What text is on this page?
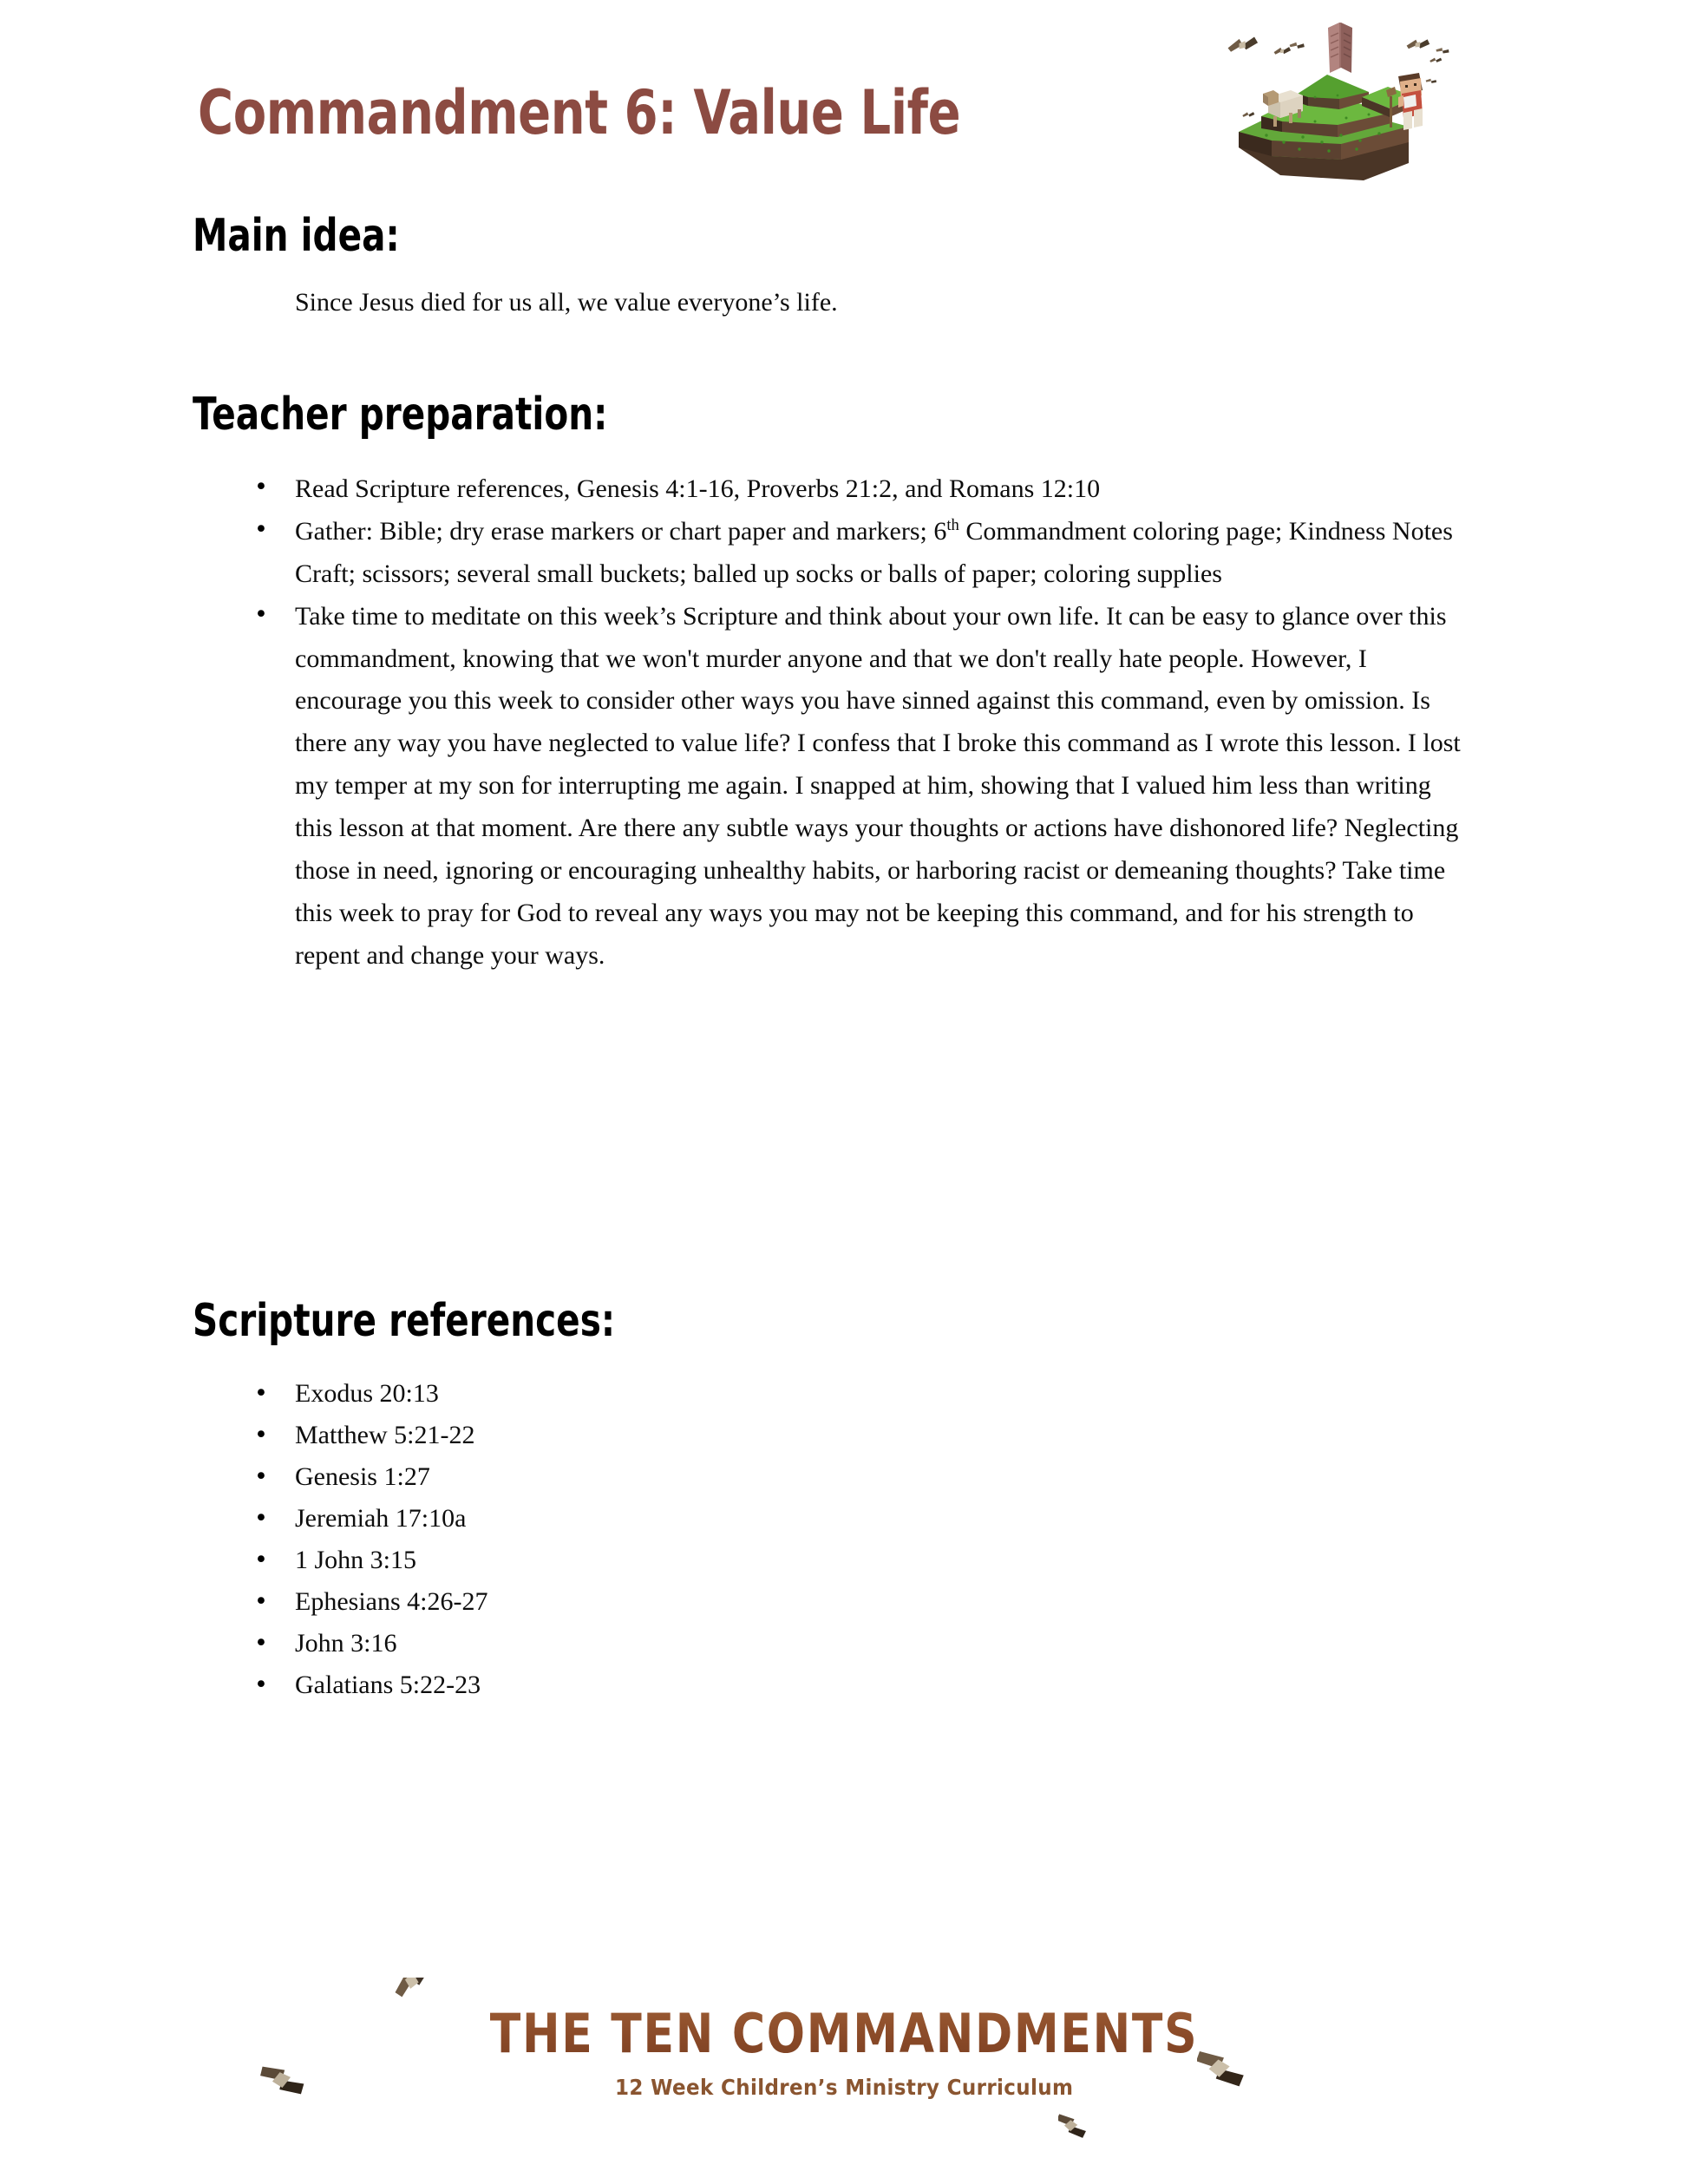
Commandment 6: Value Life
Main idea:
Since Jesus died for us all, we value everyone’s life.
Teacher preparation:
• Read Scripture references, Genesis 4:1-16, Proverbs 21:2, and Romans 12:10
• Gather: Bible; dry erase markers or chart paper and markers; 6th Commandment coloring page; Kindness Notes Craft; scissors; several small buckets; balled up socks or balls of paper; coloring supplies
• Take time to meditate on this week’s Scripture and think about your own life. It can be easy to glance over this commandment, knowing that we won't murder anyone and that we don't really hate people. However, I encourage you this week to consider other ways you have sinned against this command, even by omission. Is there any way you have neglected to value life? I confess that I broke this command as I wrote this lesson. I lost my temper at my son for interrupting me again. I snapped at him, showing that I valued him less than writing this lesson at that moment. Are there any subtle ways your thoughts or actions have dishonored life? Neglecting those in need, ignoring or encouraging unhealthy habits, or harboring racist or demeaning thoughts? Take time this week to pray for God to reveal any ways you may not be keeping this command, and for his strength to repent and change your ways.
Scripture references:
• Exodus 20:13
• Matthew 5:21-22
• Genesis 1:27
• Jeremiah 17:10a
• 1 John 3:15
• Ephesians 4:26-27
• John 3:16
• Galatians 5:22-23
THE TEN COMMANDMENTS 12 Week Children’s Ministry Curriculum
